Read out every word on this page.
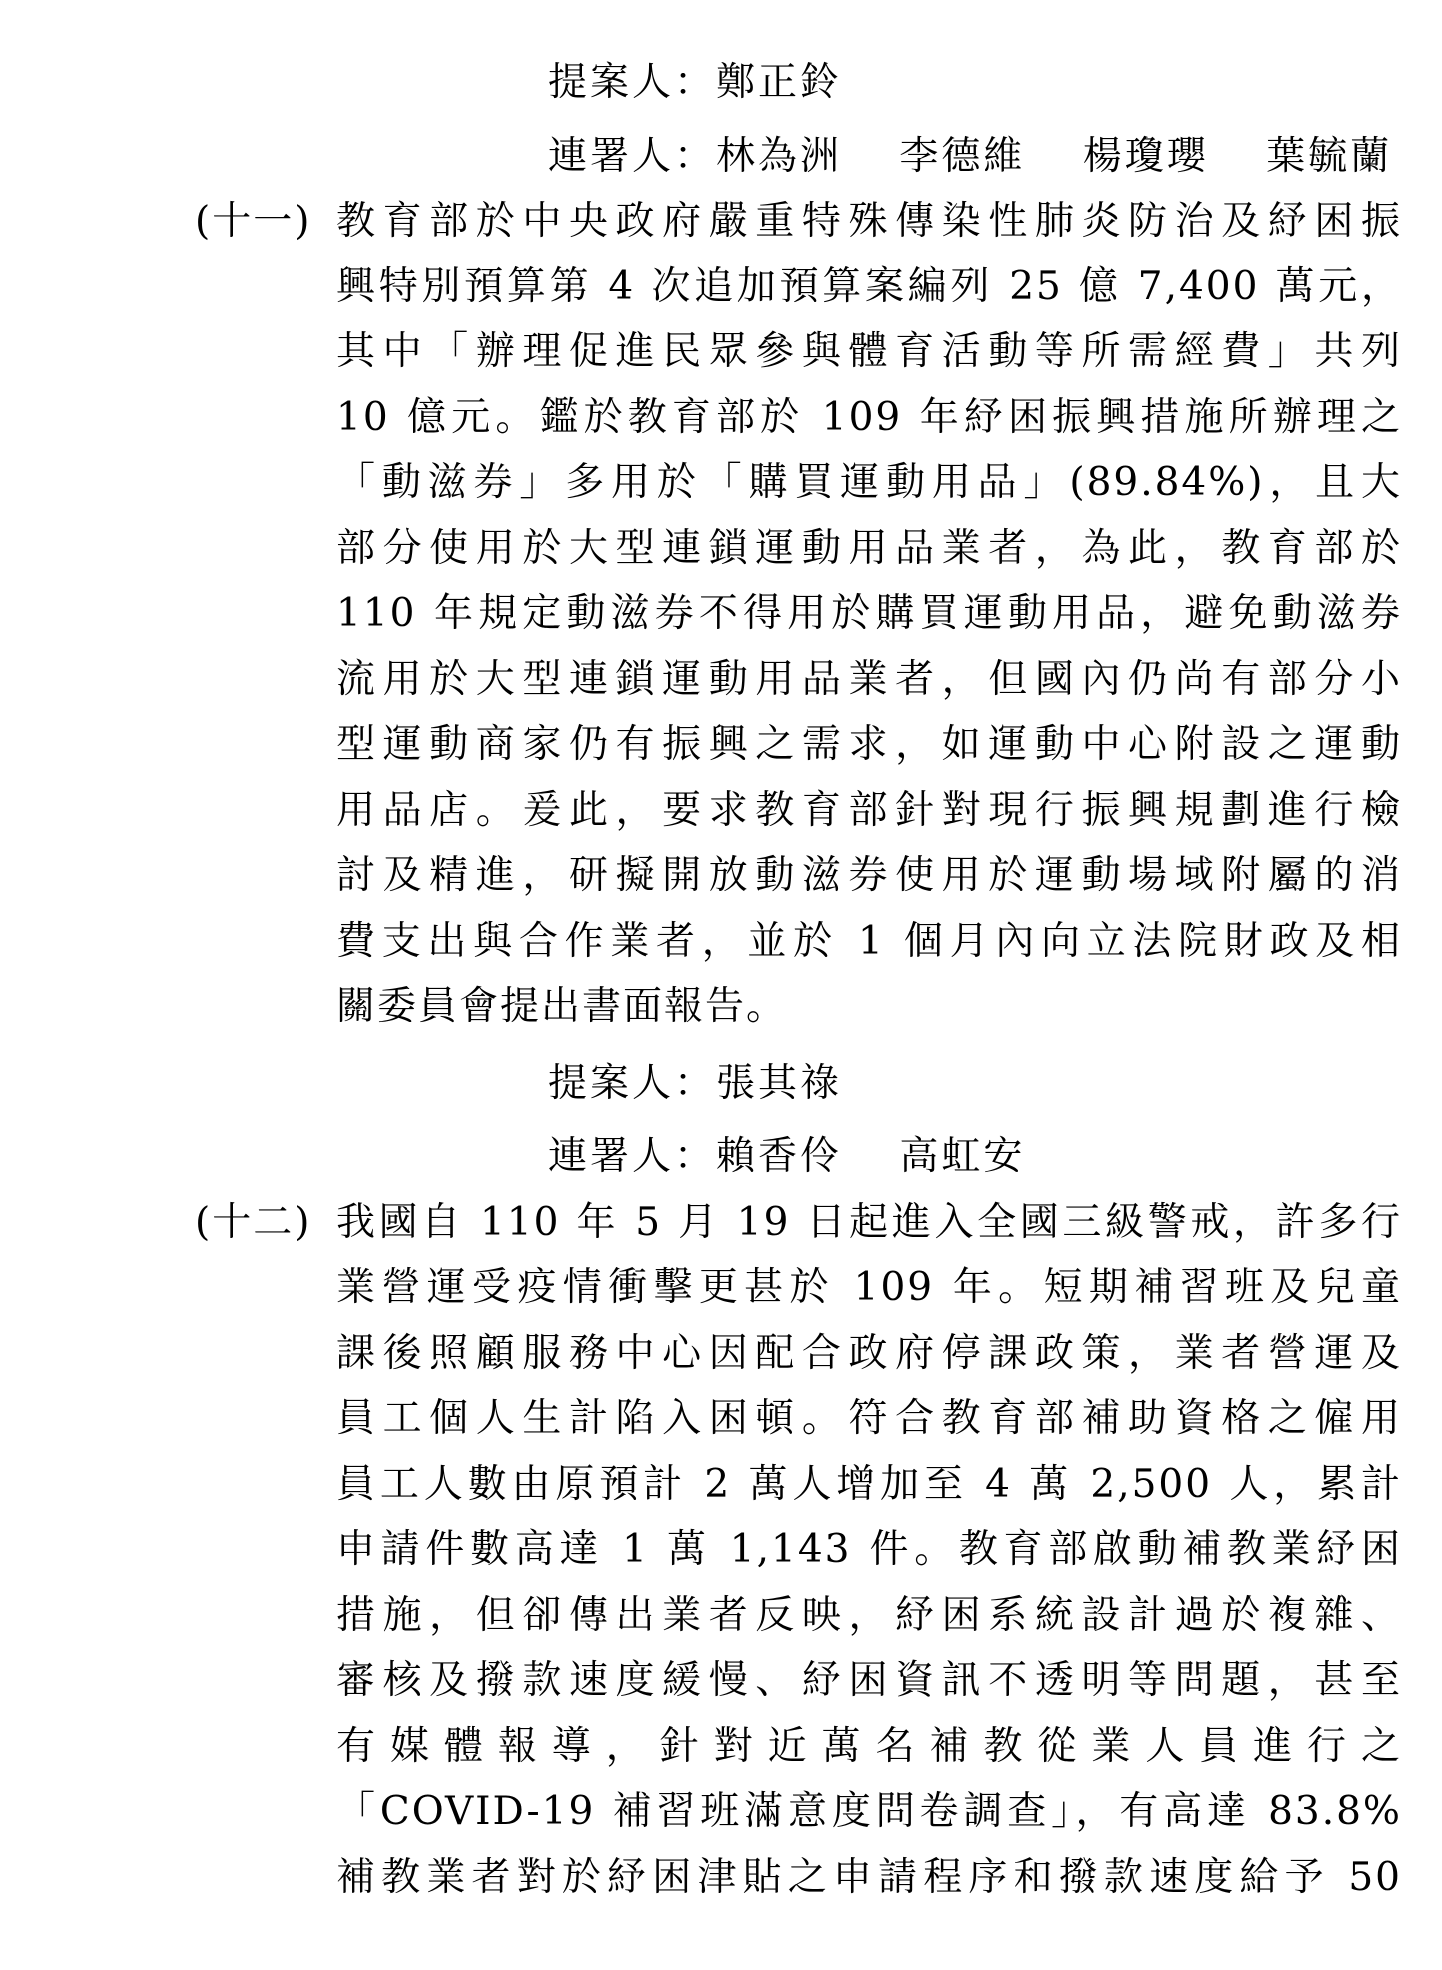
提案人：鄭正鈴
連署人：林為洲　 李德維　 楊瓊瓔　 葉毓蘭
(十一) 教育部於中央政府嚴重特殊傳染性肺炎防治及紓困振
興特別預算第 4 次追加預算案編列 25 億 7,400 萬元，
其中「辦理促進民眾參與體育活動等所需經費」共列
10 億元。鑑於教育部於 109 年紓困振興措施所辦理之
「動滋券」多用於「購買運動用品」(89.84%)，且大
部分使用於大型連鎖運動用品業者，為此，教育部於
110 年規定動滋券不得用於購買運動用品，避免動滋券
流用於大型連鎖運動用品業者，但國內仍尚有部分小
型運動商家仍有振興之需求，如運動中心附設之運動
用品店。爰此，要求教育部針對現行振興規劃進行檢
討及精進，研擬開放動滋券使用於運動場域附屬的消
費支出與合作業者，並於 1 個月內向立法院財政及相
關委員會提出書面報告。
提案人：張其祿
連署人：賴香伶　 高虹安
(十二) 我國自 110 年 5 月 19 日起進入全國三級警戒，許多行
業營運受疫情衝擊更甚於 109 年。短期補習班及兒童
課後照顧服務中心因配合政府停課政策，業者營運及
員工個人生計陷入困頓。符合教育部補助資格之僱用
員工人數由原預計 2 萬人增加至 4 萬 2,500 人，累計
申請件數高達 1 萬 1,143 件。教育部啟動補教業紓困
措施，但卻傳出業者反映，紓困系統設計過於複雜、
審核及撥款速度緩慢、紓困資訊不透明等問題，甚至
有媒體報導，針對近萬名補教從業人員進行之
「COVID-19 補習班滿意度問卷調查」，有高達 83.8%
補教業者對於紓困津貼之申請程序和撥款速度給予 50
